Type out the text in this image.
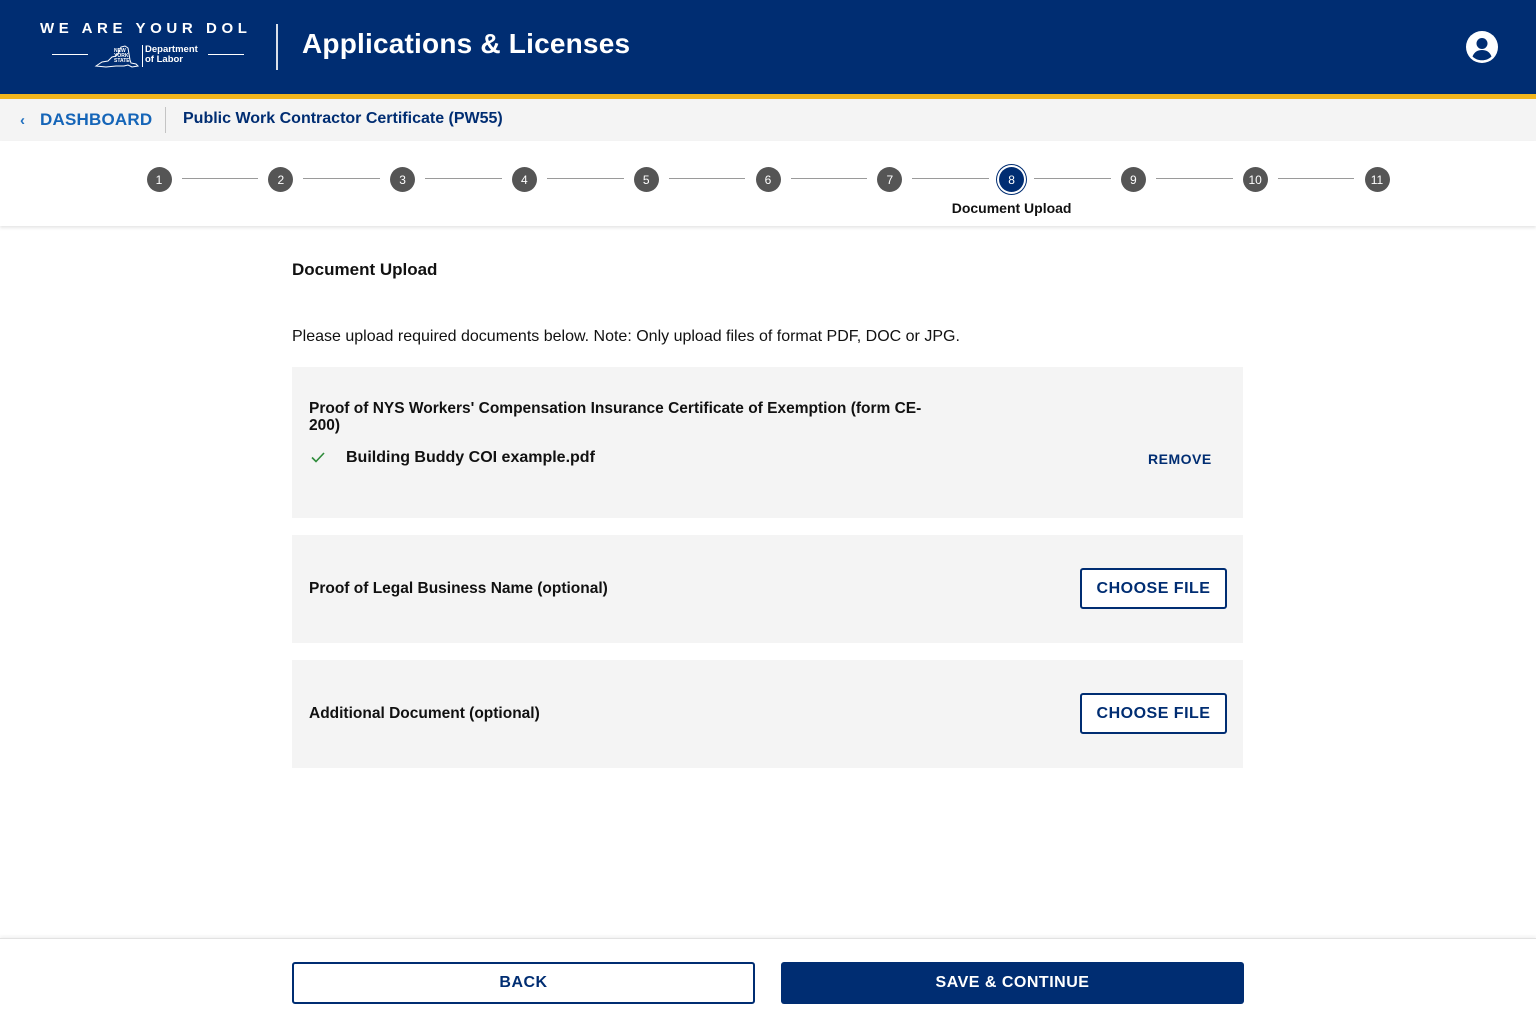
WE ARE YOUR DOL
NEW
YORK
STATE
Department
of Labor
Applications & Licenses
‹ DASHBOARD Public Work Contractor Certificate (PW55)
Document Upload
1	2	3	4	5	6	7	8	9	10	11
Document Upload
Please upload required documents below. Note: Only upload files of format PDF, DOC or JPG.
Proof of NYS Workers' Compensation Insurance Certificate of Exemption (form CE-
200)
Building Buddy COI example.pdf	REMOVE
Proof of Legal Business Name (optional)	CHOOSE FILE
Additional Document (optional)	CHOOSE FILE
BACK	SAVE & CONTINUE
